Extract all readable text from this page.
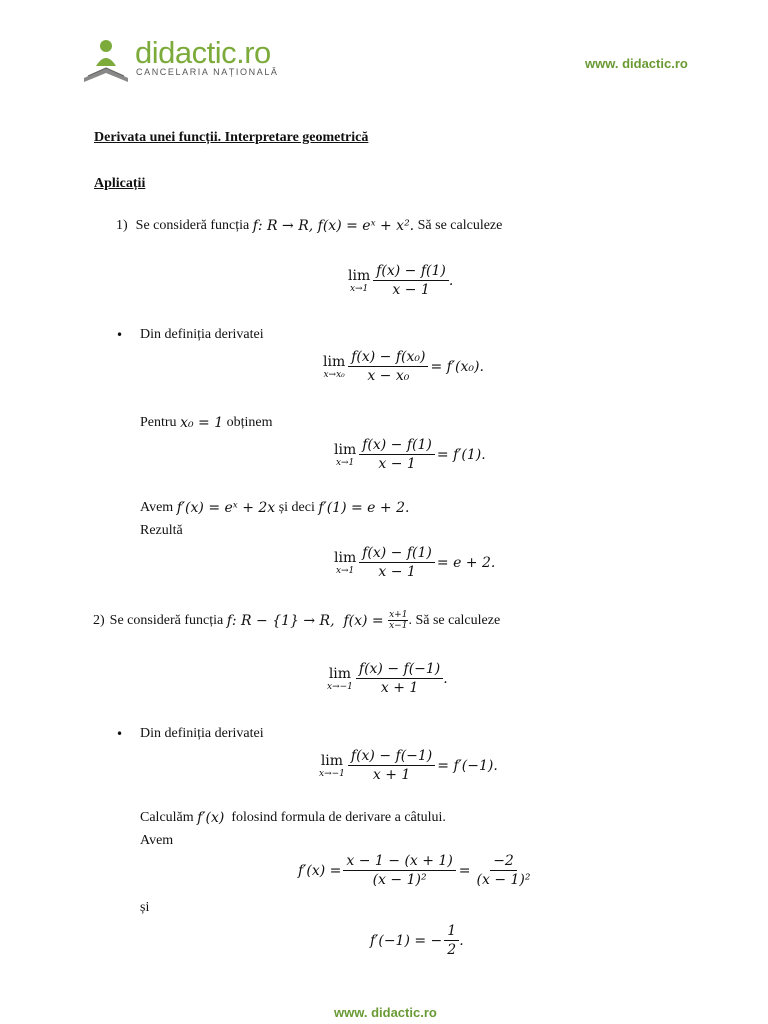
didactic.ro
CANCELARIA NAȚIONALĂ
www. didactic.ro
Derivata unei funcții. Interpretare geometrică
Aplicații
1) Se consideră funcția f: R → R, f(x) = eˣ + x². Să se calculeze
lim
$x\to 1 \frac{f(x) - f(1)}{x - 1}$ .
•	Din definiția derivatei
lim
$x\to x_0 \frac{\text{f(x) − f(x₀)}}{\text{x − x₀}} = f'(x_0)$.
Pentru x₀ = 1 obținem
lim
$x\to 1 \frac{f(x) - f(1)}{x - 1} = f'(1)$.
Avem f′(x) = eˣ + 2x și deci f′(1) = e + 2.
Rezultă
lim
$x\to 1 \frac{f(x) - f(1)}{x - 1} = e + 2$.
2) Se consideră funcția f: R − {1} → R,  $f(x) = \frac{x+1}{x-1}$ . Să se calculeze
lim
$x\to-1 \frac{f(x) - f(-1)}{x + 1}$ .
•	Din definiția derivatei
lim
$x\to-1 \frac{f(x) - f(-1)}{x + 1} = f'(-1)$.
Calculăm f′(x) folosind formula de derivare a câtului.
Avem
$f'(x) = \frac{x - 1 - (x + 1)}{\text{(x − 1)²}} = \frac{-2}{\text{(x − 1)²}}$
și
f′(−1) = − $\frac{1}{2}$ .
www. didactic.ro
